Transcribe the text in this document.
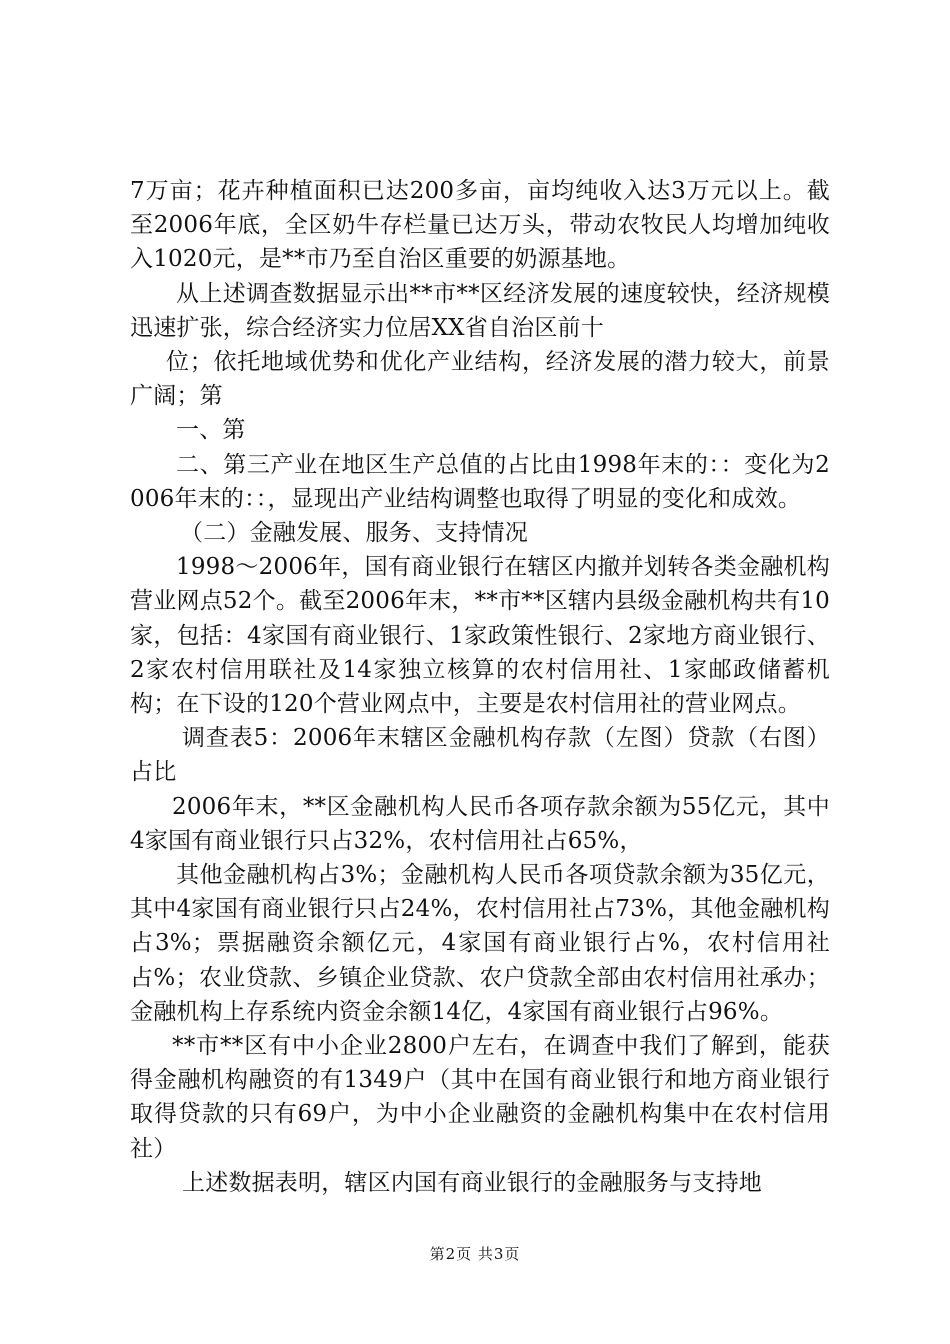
7万亩；花卉种植面积已达200多亩，亩均纯收入达3万元以上。截至2006年底，全区奶牛存栏量已达万头，带动农牧民人均增加纯收入1020元，是**市乃至自治区重要的奶源基地。

从上述调查数据显示出**市**区经济发展的速度较快，经济规模迅速扩张，综合经济实力位居XX省自治区前十

位；依托地域优势和优化产业结构，经济发展的潜力较大，前景广阔；第

一、第

二、第三产业在地区生产总值的占比由1998年末的：：变化为2006年末的：：，显现出产业结构调整也取得了明显的变化和成效。

（二）金融发展、服务、支持情况

1998～2006年，国有商业银行在辖区内撤并划转各类金融机构营业网点52个。截至2006年末，**市**区辖内县级金融机构共有10家，包括：4家国有商业银行、1家政策性银行、2家地方商业银行、2家农村信用联社及14家独立核算的农村信用社、1家邮政储蓄机构；在下设的120个营业网点中，主要是农村信用社的营业网点。

调查表5：2006年末辖区金融机构存款（左图）贷款（右图）占比

2006年末，**区金融机构人民币各项存款余额为55亿元，其中4家国有商业银行只占32%，农村信用社占65%，

其他金融机构占3%；金融机构人民币各项贷款余额为35亿元，其中4家国有商业银行只占24%，农村信用社占73%，其他金融机构占3%；票据融资余额亿元，4家国有商业银行占%，农村信用社占%；农业贷款、乡镇企业贷款、农户贷款全部由农村信用社承办；金融机构上存系统内资金余额14亿，4家国有商业银行占96%。

**市**区有中小企业2800户左右，在调查中我们了解到，能获得金融机构融资的有1349户（其中在国有商业银行和地方商业银行取得贷款的只有69户，为中小企业融资的金融机构集中在农村信用社）

上述数据表明，辖区内国有商业银行的金融服务与支持地

第2页 共3页
